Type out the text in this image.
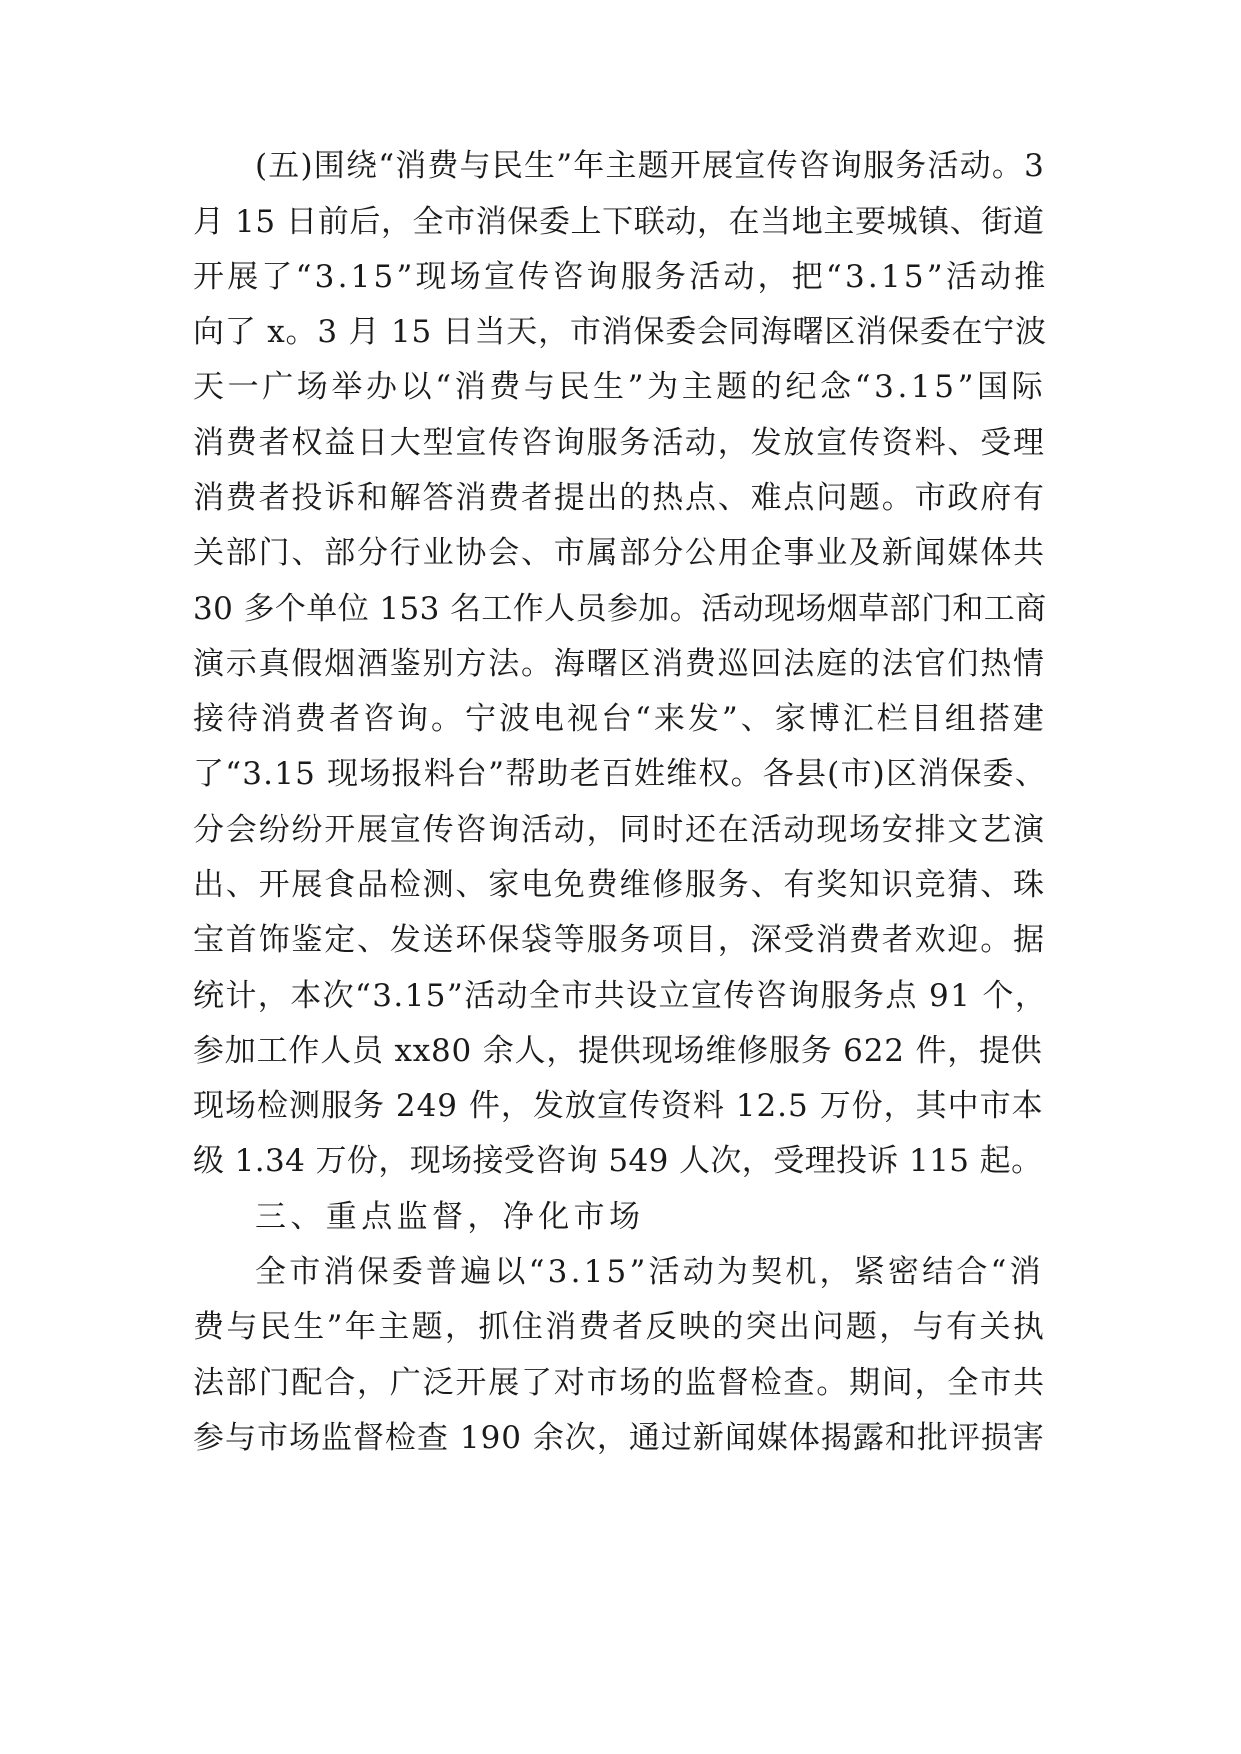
(五)围绕“消费与民生”年主题开展宣传咨询服务活动。3
月 15 日前后，全市消保委上下联动，在当地主要城镇、街道
开展了“3.15”现场宣传咨询服务活动，把“3.15”活动推
向了 x。3 月 15 日当天，市消保委会同海曙区消保委在宁波
天一广场举办以“消费与民生”为主题的纪念“3.15”国际
消费者权益日大型宣传咨询服务活动，发放宣传资料、受理
消费者投诉和解答消费者提出的热点、难点问题。市政府有
关部门、部分行业协会、市属部分公用企事业及新闻媒体共
30 多个单位 153 名工作人员参加。活动现场烟草部门和工商
演示真假烟酒鉴别方法。海曙区消费巡回法庭的法官们热情
接待消费者咨询。宁波电视台“来发”、家博汇栏目组搭建
了“3.15 现场报料台”帮助老百姓维权。各县(市)区消保委、
分会纷纷开展宣传咨询活动，同时还在活动现场安排文艺演
出、开展食品检测、家电免费维修服务、有奖知识竞猜、珠
宝首饰鉴定、发送环保袋等服务项目，深受消费者欢迎。据
统计，本次“3.15”活动全市共设立宣传咨询服务点 91 个，
参加工作人员 xx80 余人，提供现场维修服务 622 件，提供
现场检测服务 249 件，发放宣传资料 12.5 万份，其中市本
级 1.34 万份，现场接受咨询 549 人次，受理投诉 115 起。
三、重点监督，净化市场
全市消保委普遍以“3.15”活动为契机，紧密结合“消
费与民生”年主题，抓住消费者反映的突出问题，与有关执
法部门配合，广泛开展了对市场的监督检查。期间，全市共
参与市场监督检查 190 余次，通过新闻媒体揭露和批评损害
